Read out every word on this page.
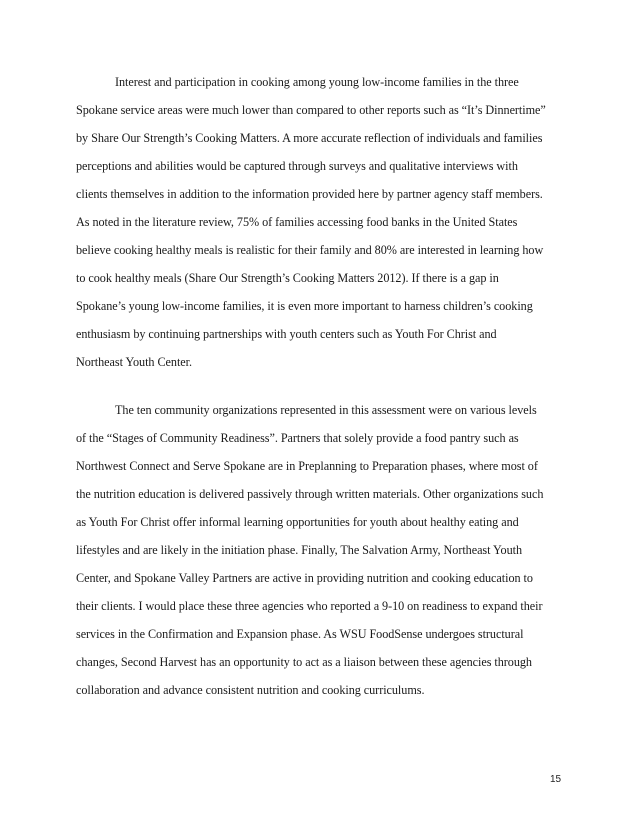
Interest and participation in cooking among young low-income families in the three
Spokane service areas were much lower than compared to other reports such as “It’s Dinnertime”
by Share Our Strength’s Cooking Matters. A more accurate reflection of individuals and families
perceptions and abilities would be captured through surveys and qualitative interviews with
clients themselves in addition to the information provided here by partner agency staff members.
As noted in the literature review, 75% of families accessing food banks in the United States
believe cooking healthy meals is realistic for their family and 80% are interested in learning how
to cook healthy meals (Share Our Strength’s Cooking Matters 2012). If there is a gap in
Spokane’s young low-income families, it is even more important to harness children’s cooking
enthusiasm by continuing partnerships with youth centers such as Youth For Christ and
Northeast Youth Center.
The ten community organizations represented in this assessment were on various levels
of the “Stages of Community Readiness”. Partners that solely provide a food pantry such as
Northwest Connect and Serve Spokane are in Preplanning to Preparation phases, where most of
the nutrition education is delivered passively through written materials. Other organizations such
as Youth For Christ offer informal learning opportunities for youth about healthy eating and
lifestyles and are likely in the initiation phase. Finally, The Salvation Army, Northeast Youth
Center, and Spokane Valley Partners are active in providing nutrition and cooking education to
their clients. I would place these three agencies who reported a 9-10 on readiness to expand their
services in the Confirmation and Expansion phase. As WSU FoodSense undergoes structural
changes, Second Harvest has an opportunity to act as a liaison between these agencies through
collaboration and advance consistent nutrition and cooking curriculums.
15
